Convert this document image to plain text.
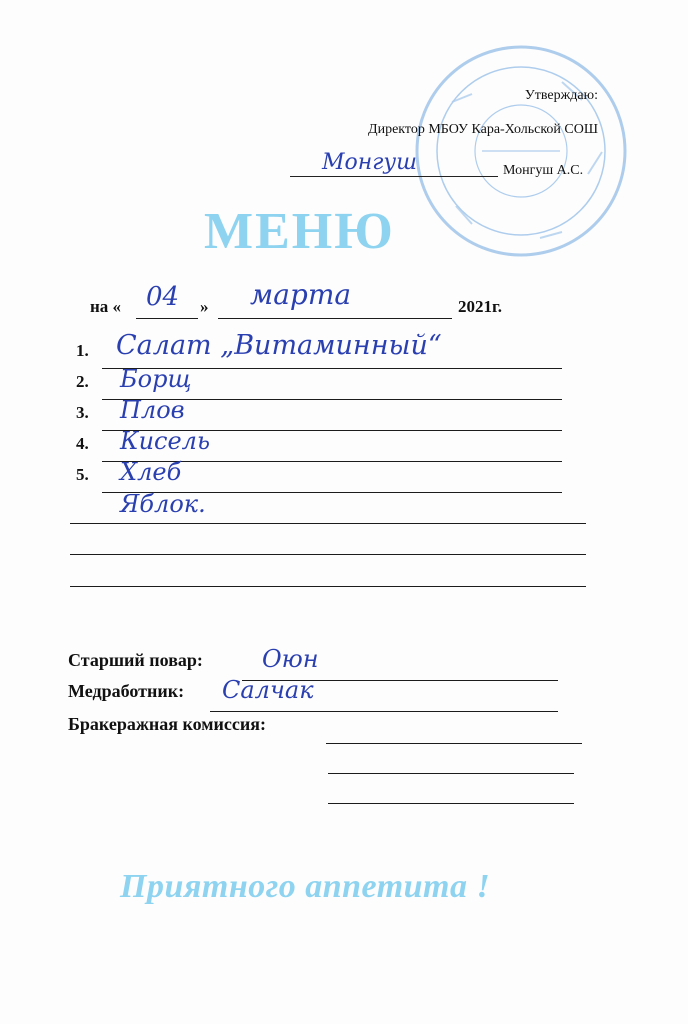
Утверждаю:
Директор МБОУ Кара-Хольской СОШ
Монгуш	Монгуш А.С.
МЕНЮ
на « 04 » марта	2021г.
1. Салат „Витаминный“
2. Борщ
3. Плов
4. Кисель
5. Хлеб
Яблок.
Старший повар: Оюн
Медработник: Салчак
Бракеражная комиссия:
Приятного аппетита !
